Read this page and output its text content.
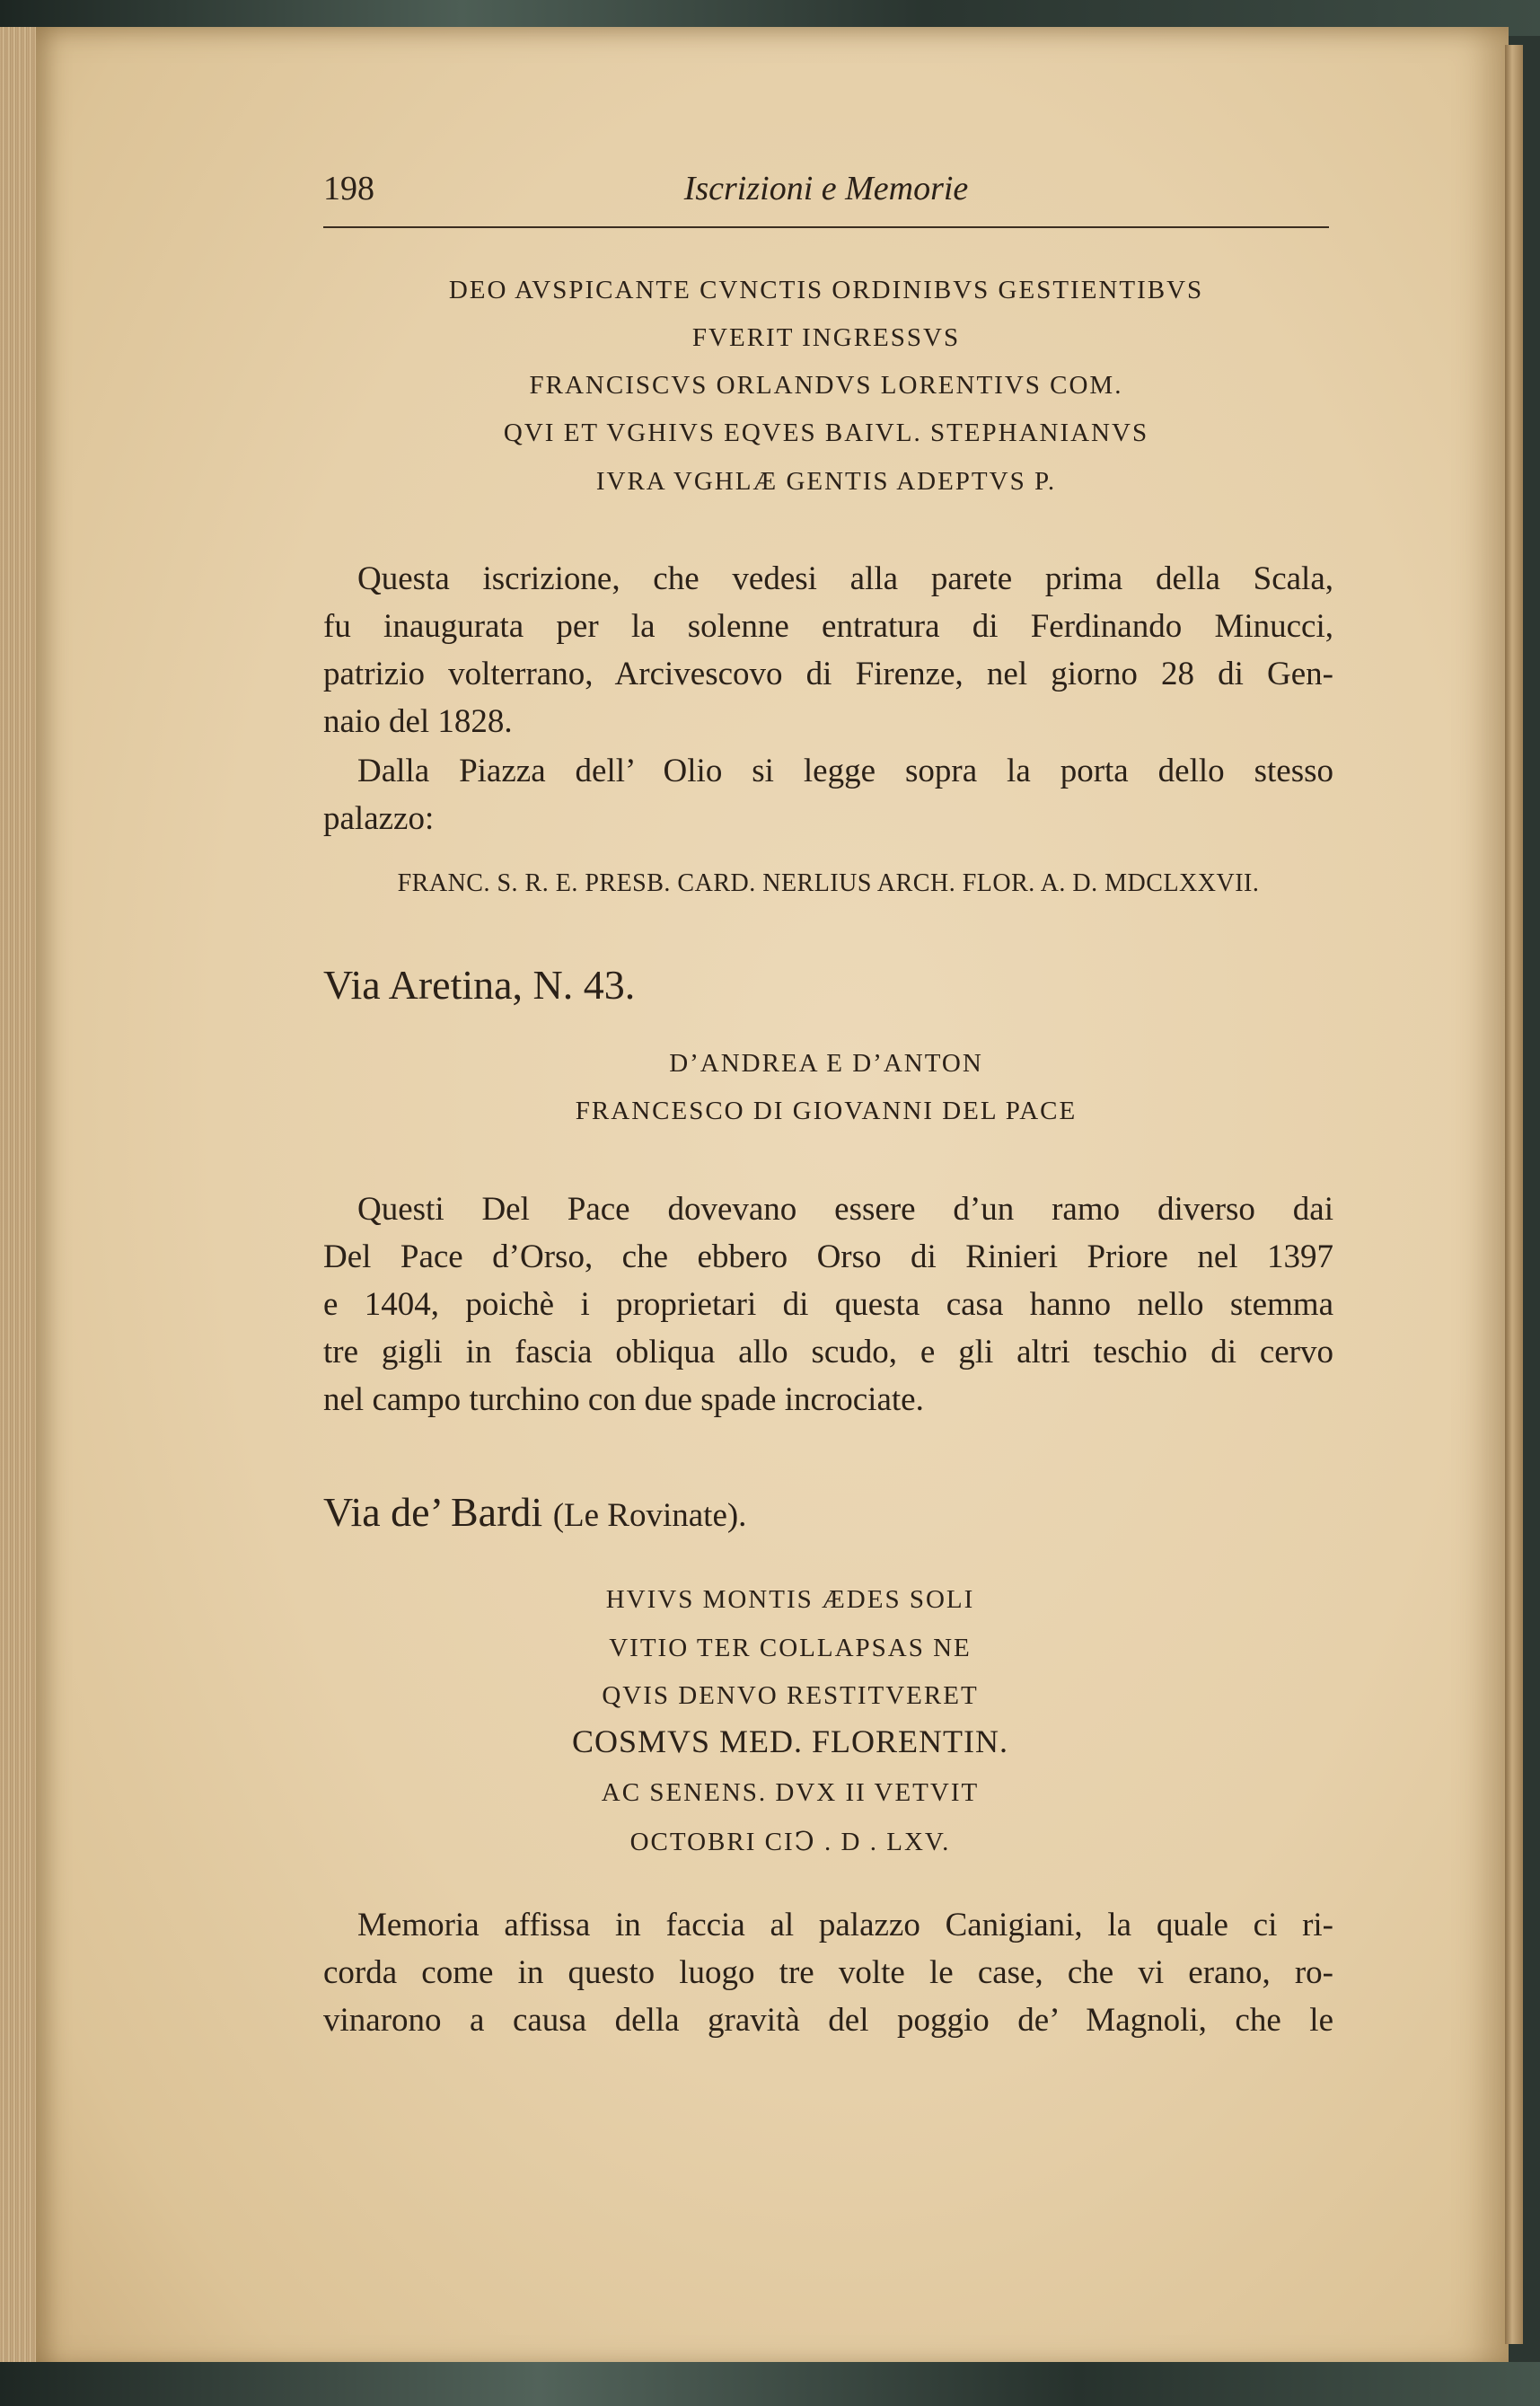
198	Iscrizioni e Memorie
DEO AVSPICANTE CVNCTIS ORDINIBVS GESTIENTIBVS
FVERIT INGRESSVS
FRANCISCVS ORLANDVS LORENTIVS COM.
QVI ET VGHIVS EQVES BAIVL. STEPHANIANVS
IVRA VGHLÆ GENTIS ADEPTVS P.
Questa iscrizione, che vedesi alla parete prima della Scala,
fu inaugurata per la solenne entratura di Ferdinando Minucci,
patrizio volterrano, Arcivescovo di Firenze, nel giorno 28 di Gen-
naio del 1828.
Dalla Piazza dell’ Olio si legge sopra la porta dello stesso
palazzo:
FRANC. S. R. E. PRESB. CARD. NERLIUS ARCH. FLOR. A. D. MDCLXXVII.
Via Aretina, N. 43.
D’ANDREA E D’ANTON
FRANCESCO DI GIOVANNI DEL PACE
Questi Del Pace dovevano essere d’un ramo diverso dai
Del Pace d’Orso, che ebbero Orso di Rinieri Priore nel 1397
e 1404, poichè i proprietari di questa casa hanno nello stemma
tre gigli in fascia obliqua allo scudo, e gli altri teschio di cervo
nel campo turchino con due spade incrociate.
Via de’ Bardi (Le Rovinate).
HVIVS MONTIS ÆDES SOLI
VITIO TER COLLAPSAS NE
QVIS DENVO RESTITVERET
COSMVS MED. FLORENTIN.
AC SENENS. DVX II VETVIT
OCTOBRI CIↃ . D . LXV.
Memoria affissa in faccia al palazzo Canigiani, la quale ci ri-
corda come in questo luogo tre volte le case, che vi erano, ro-
vinarono a causa della gravità del poggio de’ Magnoli, che le
